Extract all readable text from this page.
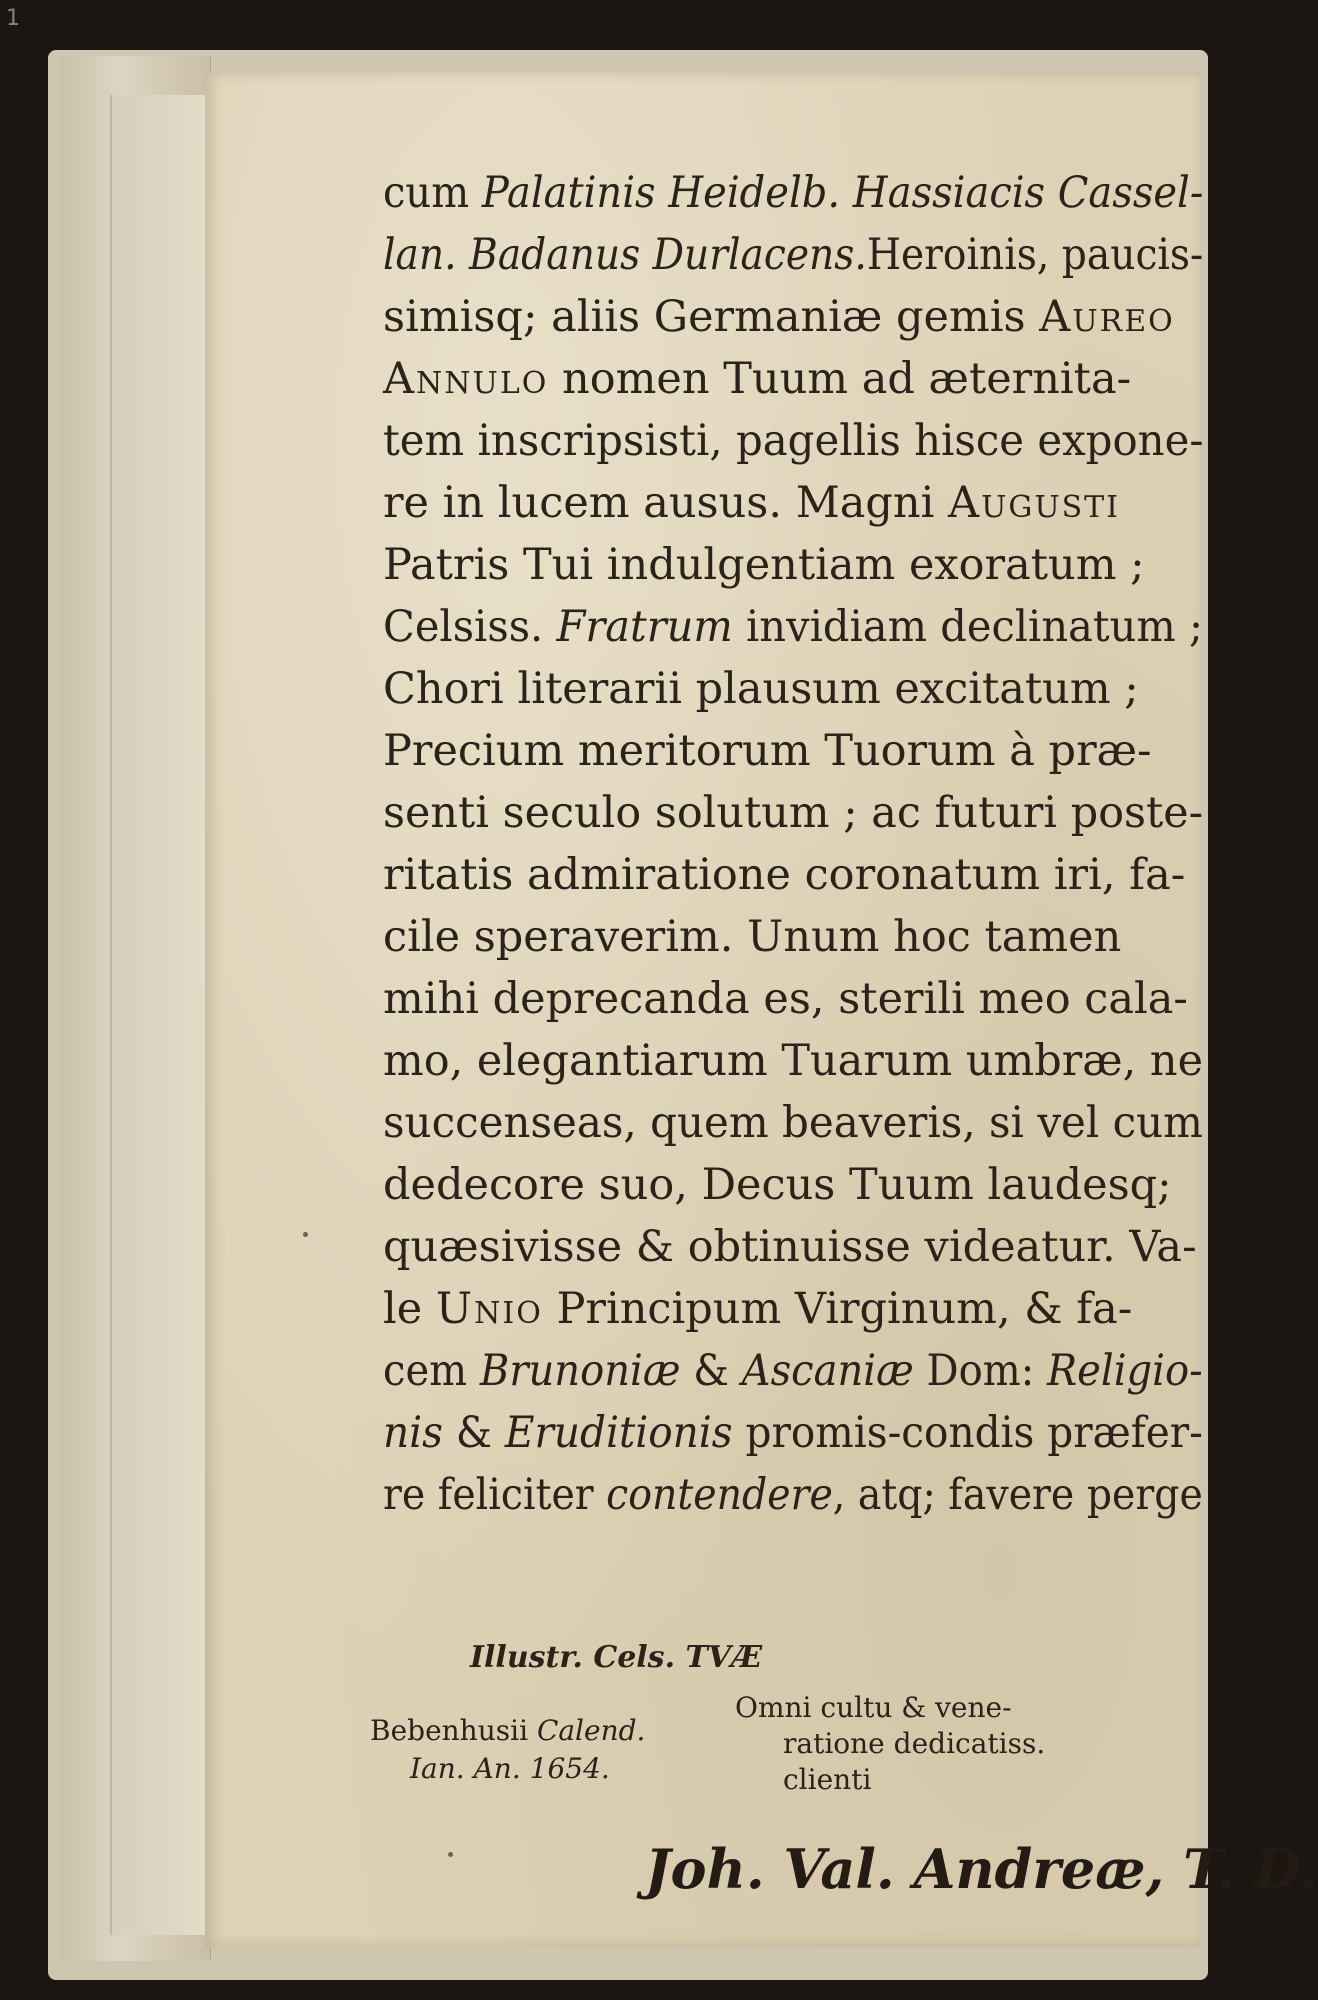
1
cum Palatinis Heidelb. Hassiacis Cassel-
lan. Badanus Durlacens.Heroinis, paucis-
simisq; aliis Germaniæ gemis Aureo
Annulo nomen Tuum ad æternita-
tem inscripsisti, pagellis hisce expone-
re in lucem ausus. Magni Augusti
Patris Tui indulgentiam exoratum ;
Celsiss. Fratrum invidiam declinatum ;
Chori literarii plausum excitatum ;
Precium meritorum Tuorum à præ-
senti seculo solutum ; ac futuri poste-
ritatis admiratione coronatum iri, fa-
cile speraverim. Unum hoc tamen
mihi deprecanda es, sterili meo cala-
mo, elegantiarum Tuarum umbræ, ne
succenseas, quem beaveris, si vel cum
dedecore suo, Decus Tuum laudesq;
quæsivisse & obtinuisse videatur. Va-
le Unio Principum Virginum, & fa-
cem Brunoniæ & Ascaniæ Dom: Religio-
nis & Eruditionis promis-condis præfer-
re feliciter contendere, atq; favere perge
Illustr. Cels. TVÆ
Bebenhusii Calend.
Ian. An. 1654.
Omni cultu & vene-
ratione dedicatiss.
clienti
Joh. Val. Andreæ, T. D.
